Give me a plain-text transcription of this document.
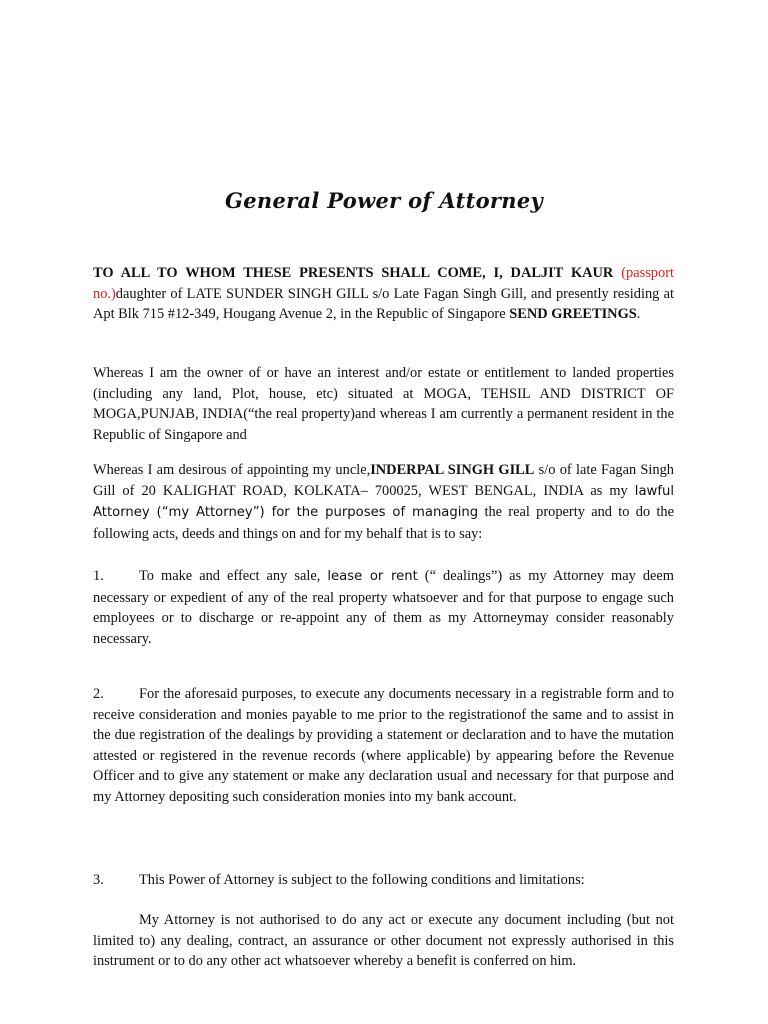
General Power of Attorney

TO ALL TO WHOM THESE PRESENTS SHALL COME, I, DALJIT KAUR (passport no.)daughter of LATE SUNDER SINGH GILL s/o Late Fagan Singh Gill, and presently residing at Apt Blk 715 #12-349, Hougang Avenue 2, in the Republic of Singapore SEND GREETINGS.

Whereas I am the owner of or have an interest and/or estate or entitlement to landed properties (including any land, Plot, house, etc) situated at MOGA, TEHSIL AND DISTRICT OF MOGA,PUNJAB, INDIA(“the real property)and whereas I am currently a permanent resident in the Republic of Singapore and

Whereas I am desirous of appointing my uncle,INDERPAL SINGH GILL s/o of late Fagan Singh Gill of 20 KALIGHAT ROAD, KOLKATA– 700025, WEST BENGAL, INDIA as my lawful Attorney (“my Attorney”) for the purposes of managing the real property and to do the following acts, deeds and things on and for my behalf that is to say:

1. To make and effect any sale, lease or rent (“ dealings”) as my Attorney may deem necessary or expedient of any of the real property whatsoever and for that purpose to engage such employees or to discharge or re-appoint any of them as my Attorneymay consider reasonably necessary.

2. For the aforesaid purposes, to execute any documents necessary in a registrable form and to receive consideration and monies payable to me prior to the registrationof the same and to assist in the due registration of the dealings by providing a statement or declaration and to have the mutation attested or registered in the revenue records (where applicable) by appearing before the Revenue Officer and to give any statement or make any declaration usual and necessary for that purpose and my Attorney depositing such consideration monies into my bank account.

3. This Power of Attorney is subject to the following conditions and limitations:

My Attorney is not authorised to do any act or execute any document including (but not limited to) any dealing, contract, an assurance or other document not expressly authorised in this instrument or to do any other act whatsoever whereby a benefit is conferred on him.
